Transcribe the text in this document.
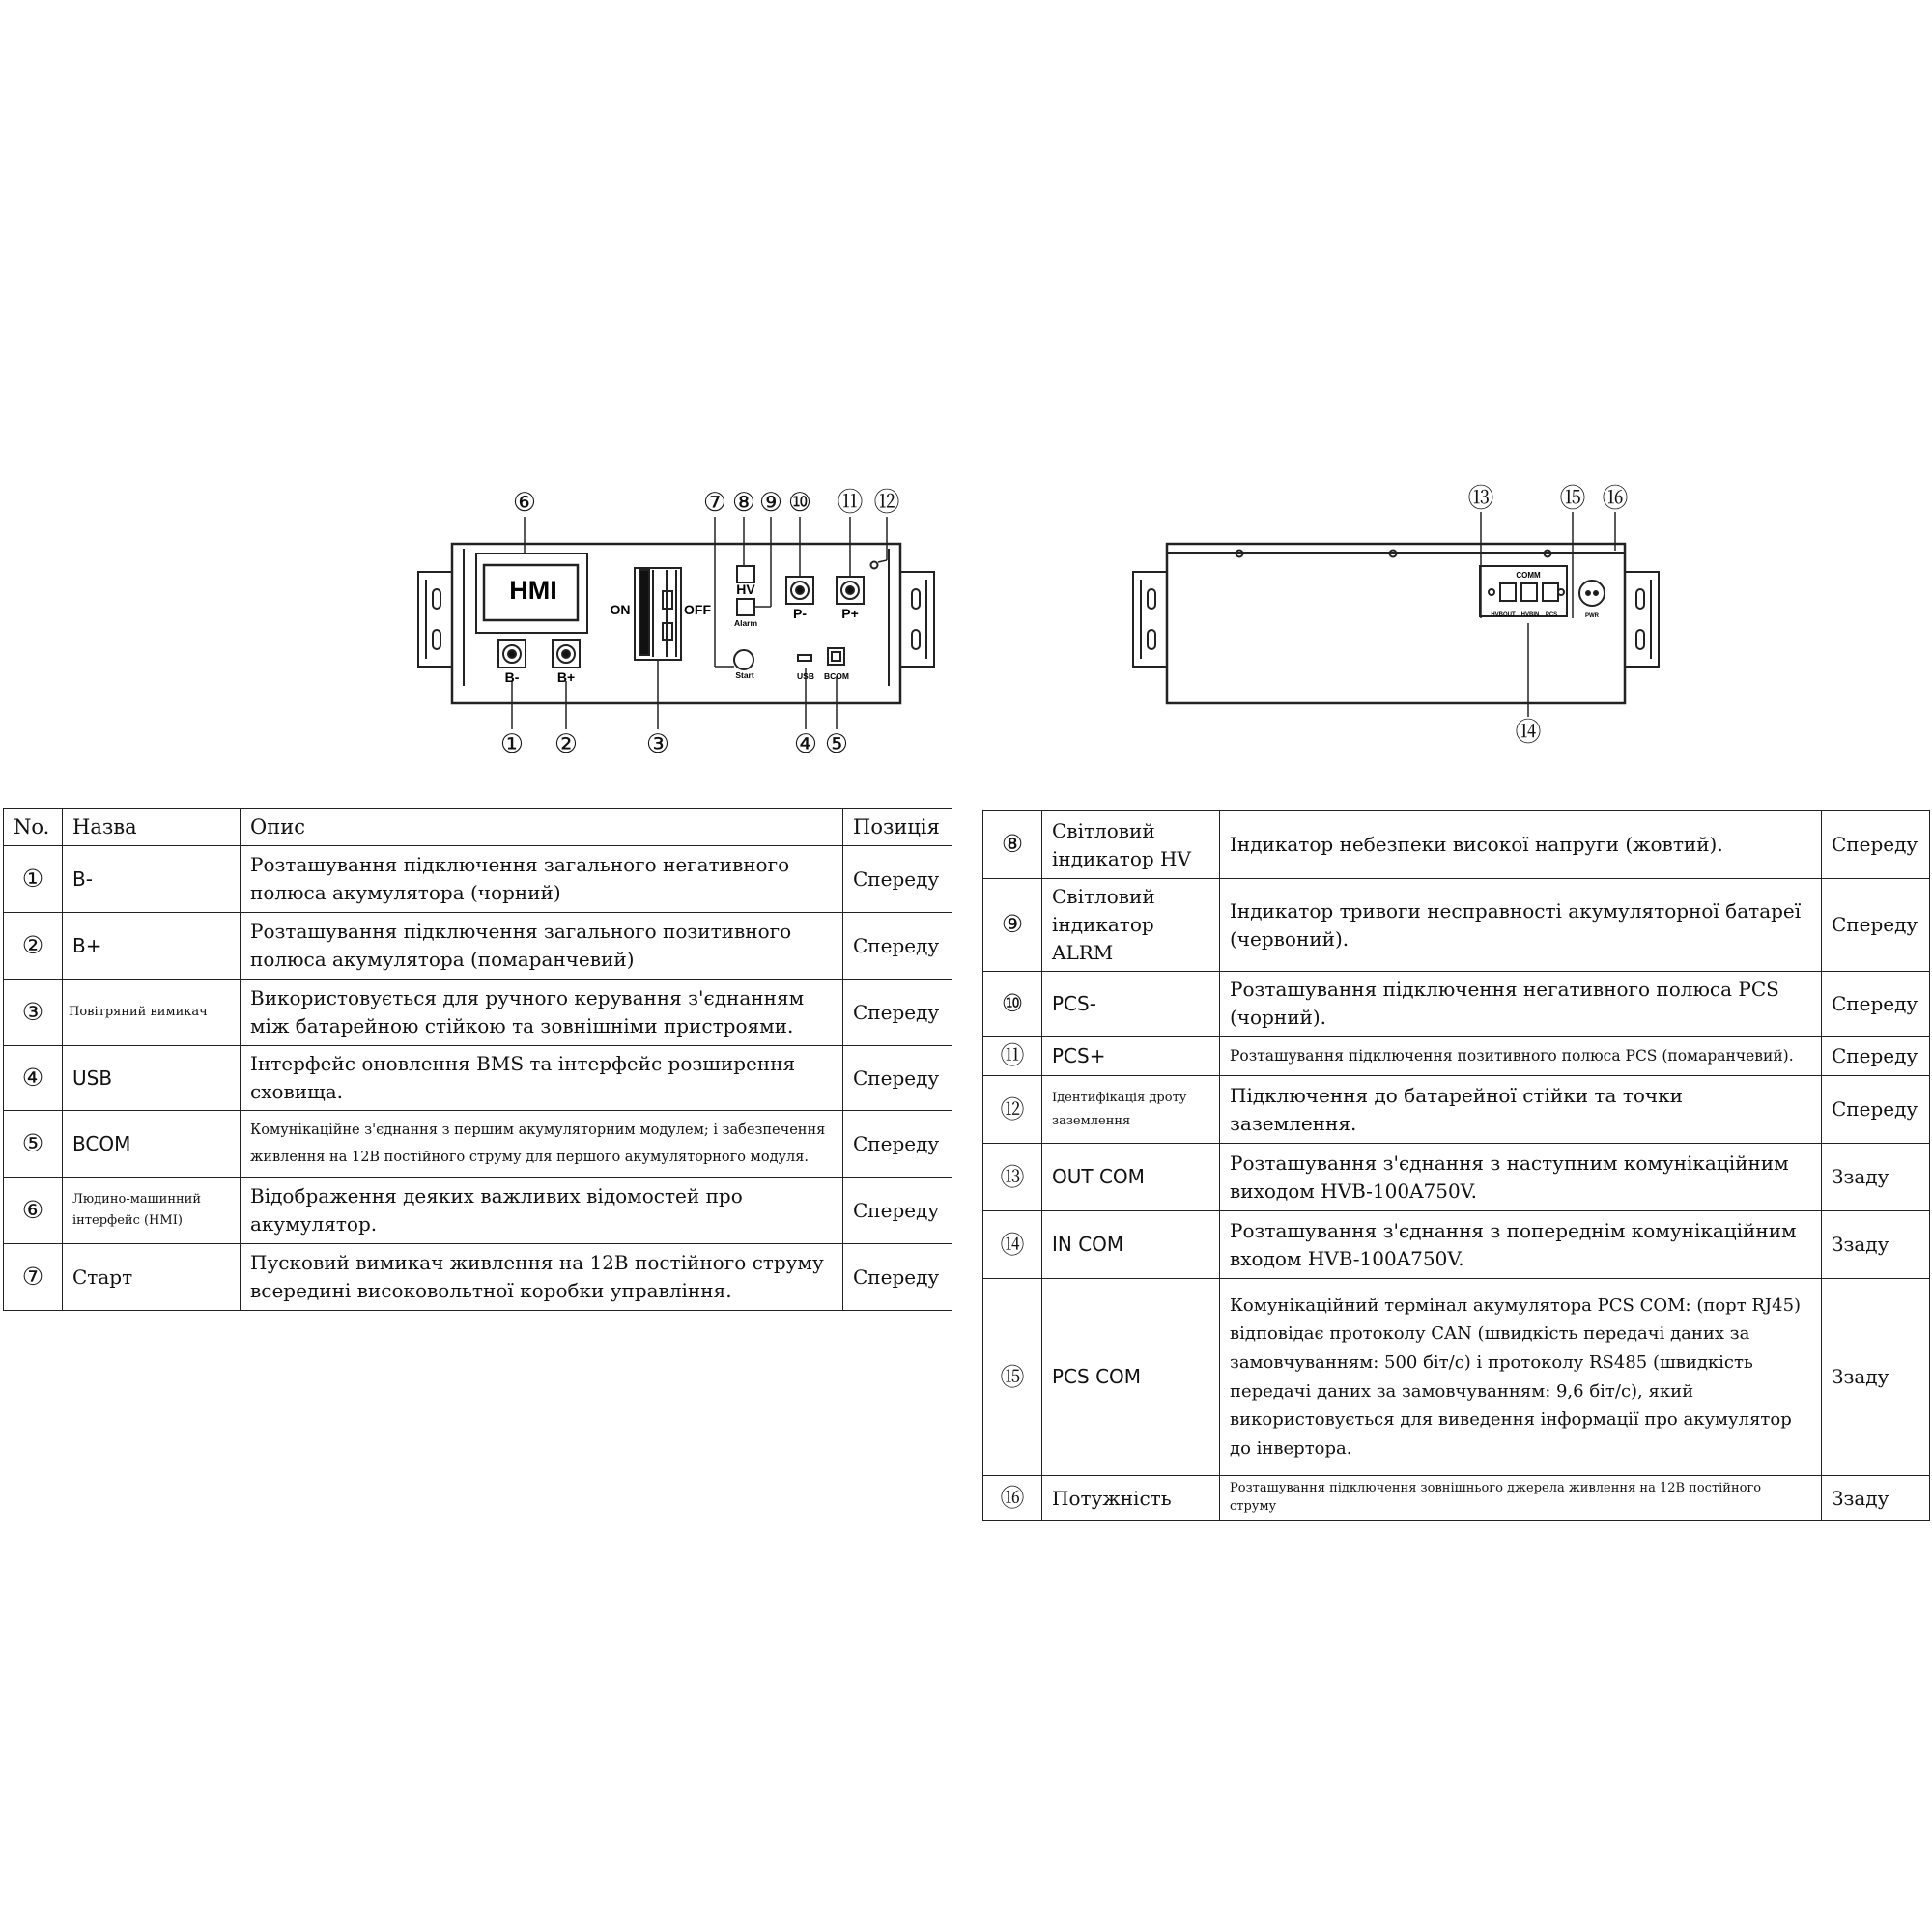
HMI
ON	OFF
HV
Alarm
P-	P+
B-	B+	Start	USB BCOM
⑥	⑦ ⑧ ⑨ ⑩ ⑪ ⑫
① ②	③	④ ⑤
COMM
HVBOUT HVBIN PCS	PWR
⑬	⑮ ⑯
⑭
No.	Назва	Опис	Позиція
①	B-	Розташування підключення загального негативного полюса акумулятора (чорний)	Спереду
②	B+	Розташування підключення загального позитивного полюса акумулятора (помаранчевий)	Спереду
③	Повітряний вимикач	Використовується для ручного керування з'єднанням між батарейною стійкою та зовнішніми пристроями.	Спереду
④	USB	Інтерфейс оновлення BMS та інтерфейс розширення сховища.	Спереду
⑤	BCOM	Комунікаційне з'єднання з першим акумуляторним модулем; і забезпечення живлення на 12В постійного струму для першого акумуляторного модуля.	Спереду
⑥	Людино-машинний інтерфейс (HMI)	Відображення деяких важливих відомостей про акумулятор.	Спереду
⑦	Старт	Пусковий вимикач живлення на 12В постійного струму всередині високовольтної коробки управління.	Спереду
⑧	Світловий індикатор HV	Індикатор небезпеки високої напруги (жовтий).	Спереду
⑨	Світловий індикатор ALRM	Індикатор тривоги несправності акумуляторної батареї (червоний).	Спереду
⑩	PCS-	Розташування підключення негативного полюса PCS (чорний).	Спереду
⑪	PCS+	Розташування підключення позитивного полюса PCS (помаранчевий).	Спереду
⑫	Ідентифікація дроту заземлення	Підключення до батарейної стійки та точки заземлення.	Спереду
⑬	OUT COM	Розташування з'єднання з наступним комунікаційним виходом HVB-100A750V.	Ззаду
⑭	IN COM	Розташування з'єднання з попереднім комунікаційним входом HVB-100A750V.	Ззаду
⑮	PCS COM	Комунікаційний термінал акумулятора PCS COM: (порт RJ45) відповідає протоколу CAN (швидкість передачі даних за замовчуванням: 500 біт/с) і протоколу RS485 (швидкість передачі даних за замовчуванням: 9,6 біт/с), який використовується для виведення інформації про акумулятор до інвертора.	Ззаду
⑯	Потужність	Розташування підключення зовнішнього джерела живлення на 12В постійного струму	Ззаду
